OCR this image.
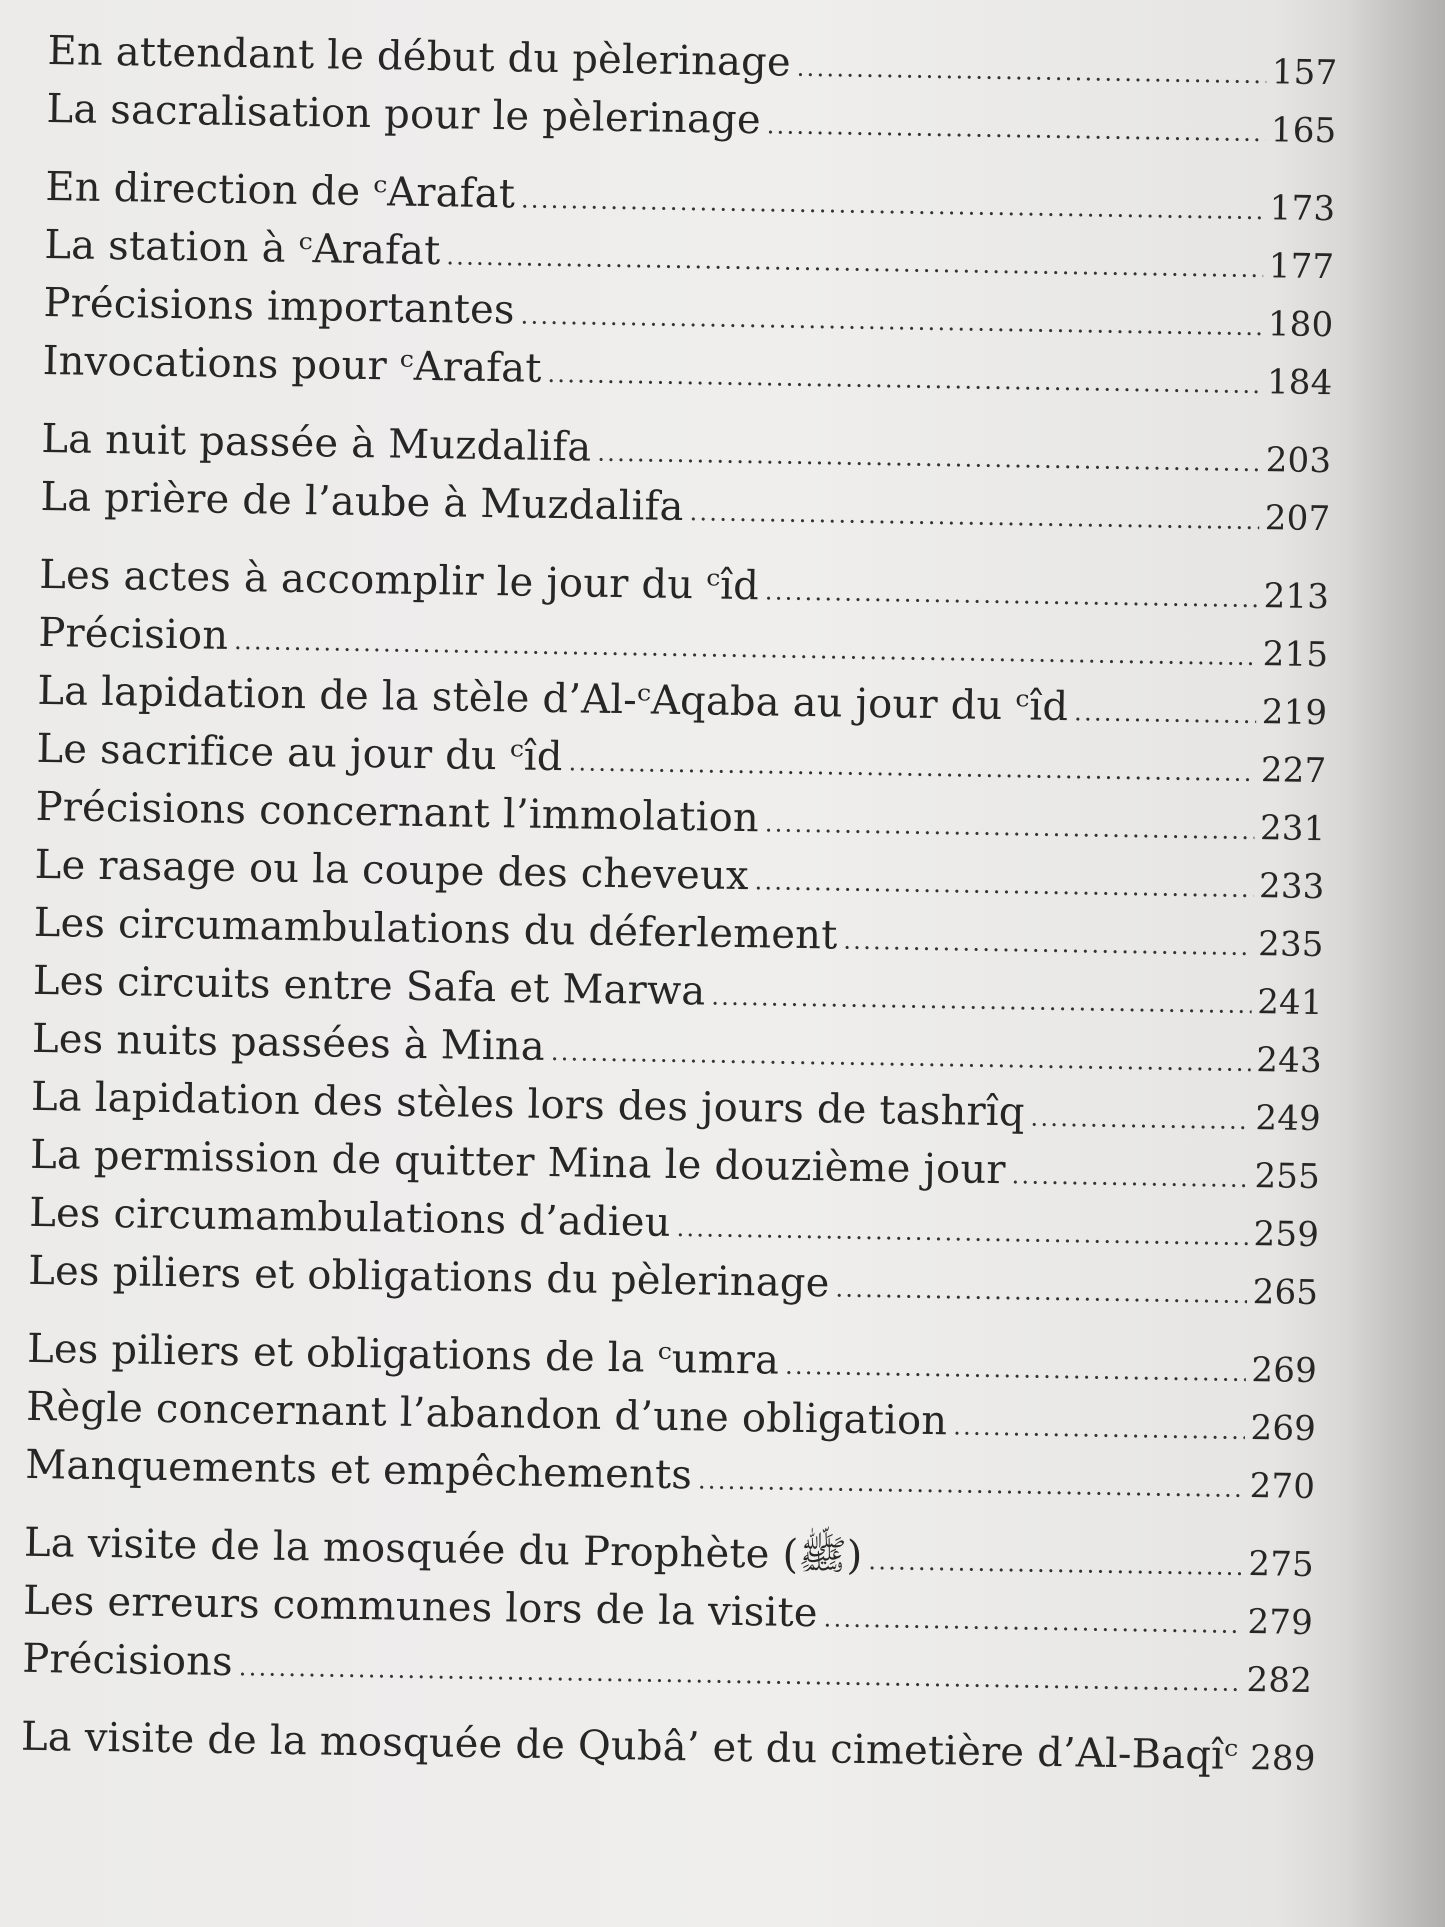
En attendant le début du pèlerinage .....	157
La sacralisation pour le pèlerinage .....	165
En direction de ᶜArafat .....	173
La station à ᶜArafat .....	177
Précisions importantes .....	180
Invocations pour ᶜArafat .....	184
La nuit passée à Muzdalifa .....	203
La prière de l’aube à Muzdalifa .....	207
Les actes à accomplir le jour du ᶜîd .....	213
Précision .....	215
La lapidation de la stèle d’Al-ᶜAqaba au jour du ᶜîd .....	219
Le sacrifice au jour du ᶜîd .....	227
Précisions concernant l’immolation .....	231
Le rasage ou la coupe des cheveux .....	233
Les circumambulations du déferlement .....	235
Les circuits entre Safa et Marwa .....	241
Les nuits passées à Mina .....	243
La lapidation des stèles lors des jours de tashrîq .....	249
La permission de quitter Mina le douzième jour .....	255
Les circumambulations d’adieu .....	259
Les piliers et obligations du pèlerinage .....	265
Les piliers et obligations de la ᶜumra .....	269
Règle concernant l’abandon d’une obligation .....	269
Manquements et empêchements .....	270
La visite de la mosquée du Prophète (ﷺ) .....	275
Les erreurs communes lors de la visite .....	279
Précisions .....	282
La visite de la mosquée de Qubâ’ et du cimetière d’Al-Baqîᶜ ..... 289
